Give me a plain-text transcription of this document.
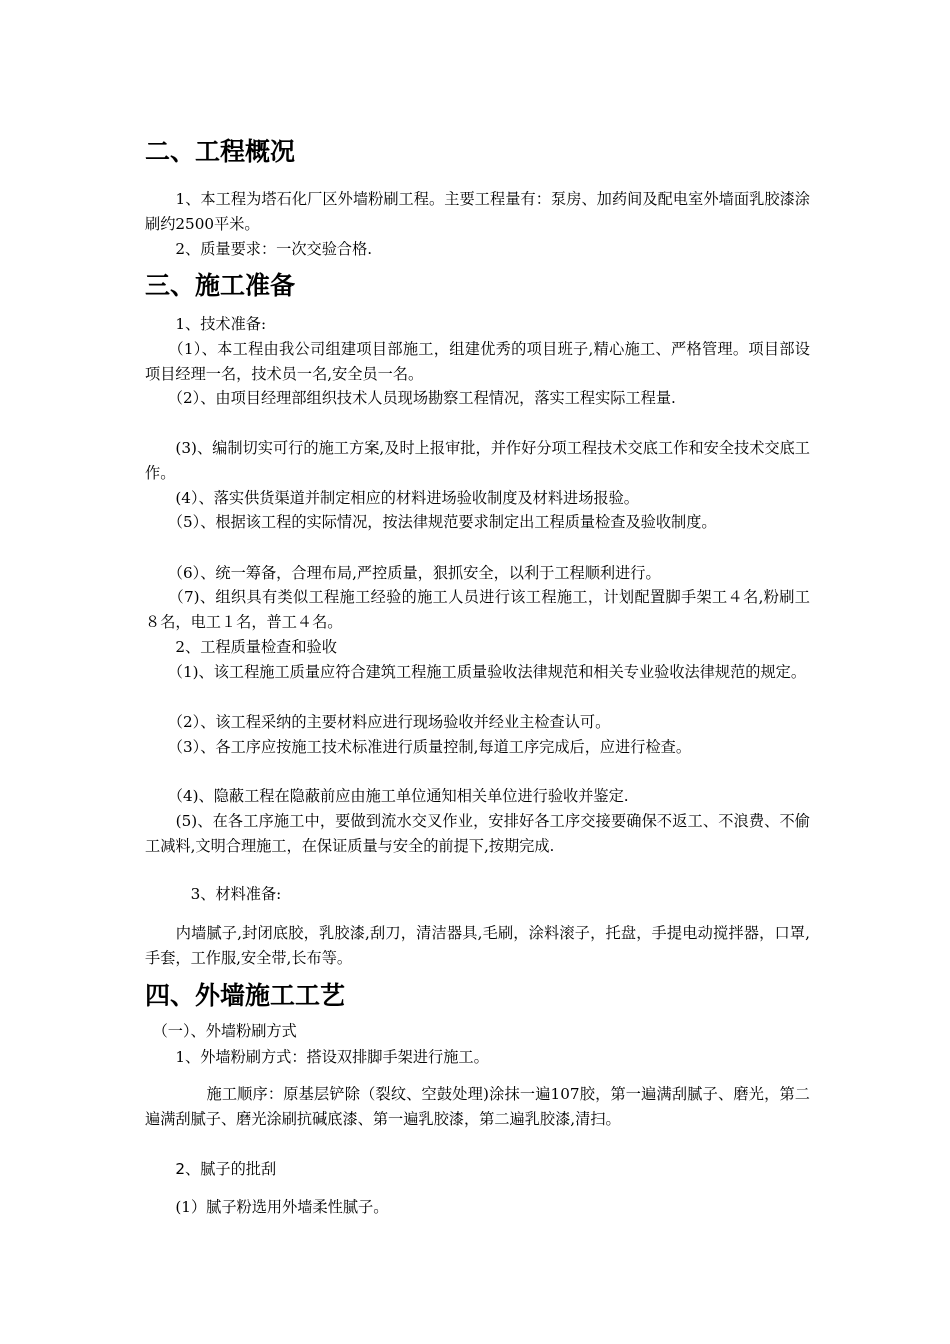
二、工程概况

　　1、本工程为塔石化厂区外墙粉刷工程。主要工程量有：泵房、加药间及配电室外墙面乳胶漆涂刷约2500平米。

　　2、质量要求：一次交验合格.

三、施工准备

　　1、技术准备:

　　（1）、本工程由我公司组建项目部施工，组建优秀的项目班子,精心施工、严格管理。项目部设项目经理一名，技术员一名,安全员一名。

　　（2）、由项目经理部组织技术人员现场勘察工程情况，落实工程实际工程量.

　　(3)、编制切实可行的施工方案,及时上报审批，并作好分项工程技术交底工作和安全技术交底工作。

　　(4）、落实供货渠道并制定相应的材料进场验收制度及材料进场报验。

　　（5）、根据该工程的实际情况，按法律规范要求制定出工程质量检查及验收制度。

　　（6）、统一筹备，合理布局,严控质量，狠抓安全，以利于工程顺利进行。

　　（7)、组织具有类似工程施工经验的施工人员进行该工程施工，计划配置脚手架工４名,粉刷工８名，电工１名，普工４名。

　　2、工程质量检查和验收

　　（1)、该工程施工质量应符合建筑工程施工质量验收法律规范和相关专业验收法律规范的规定。

　　（2）、该工程采纳的主要材料应进行现场验收并经业主检查认可。

　　（3）、各工序应按施工技术标准进行质量控制,每道工序完成后，应进行检查。

　　（4)、隐蔽工程在隐蔽前应由施工单位通知相关单位进行验收并鉴定.

　　(5)、在各工序施工中，要做到流水交叉作业，安排好各工序交接要确保不返工、不浪费、不偷工减料,文明合理施工，在保证质量与安全的前提下,按期完成.

　　　3、材料准备:

　　内墙腻子,封闭底胶，乳胶漆,刮刀，清洁器具,毛刷，涂料滚子，托盘，手提电动搅拌器，口罩,手套，工作服,安全带,长布等。

四、外墙施工工艺

　（一）、外墙粉刷方式

　　1、外墙粉刷方式：搭设双排脚手架进行施工。

　　　　施工顺序：原基层铲除（裂纹、空鼓处理)涂抹一遍107胶，第一遍满刮腻子、磨光，第二遍满刮腻子、磨光涂刷抗碱底漆、第一遍乳胶漆，第二遍乳胶漆,清扫。

　　2、腻子的批刮

　　(1）腻子粉选用外墙柔性腻子。
